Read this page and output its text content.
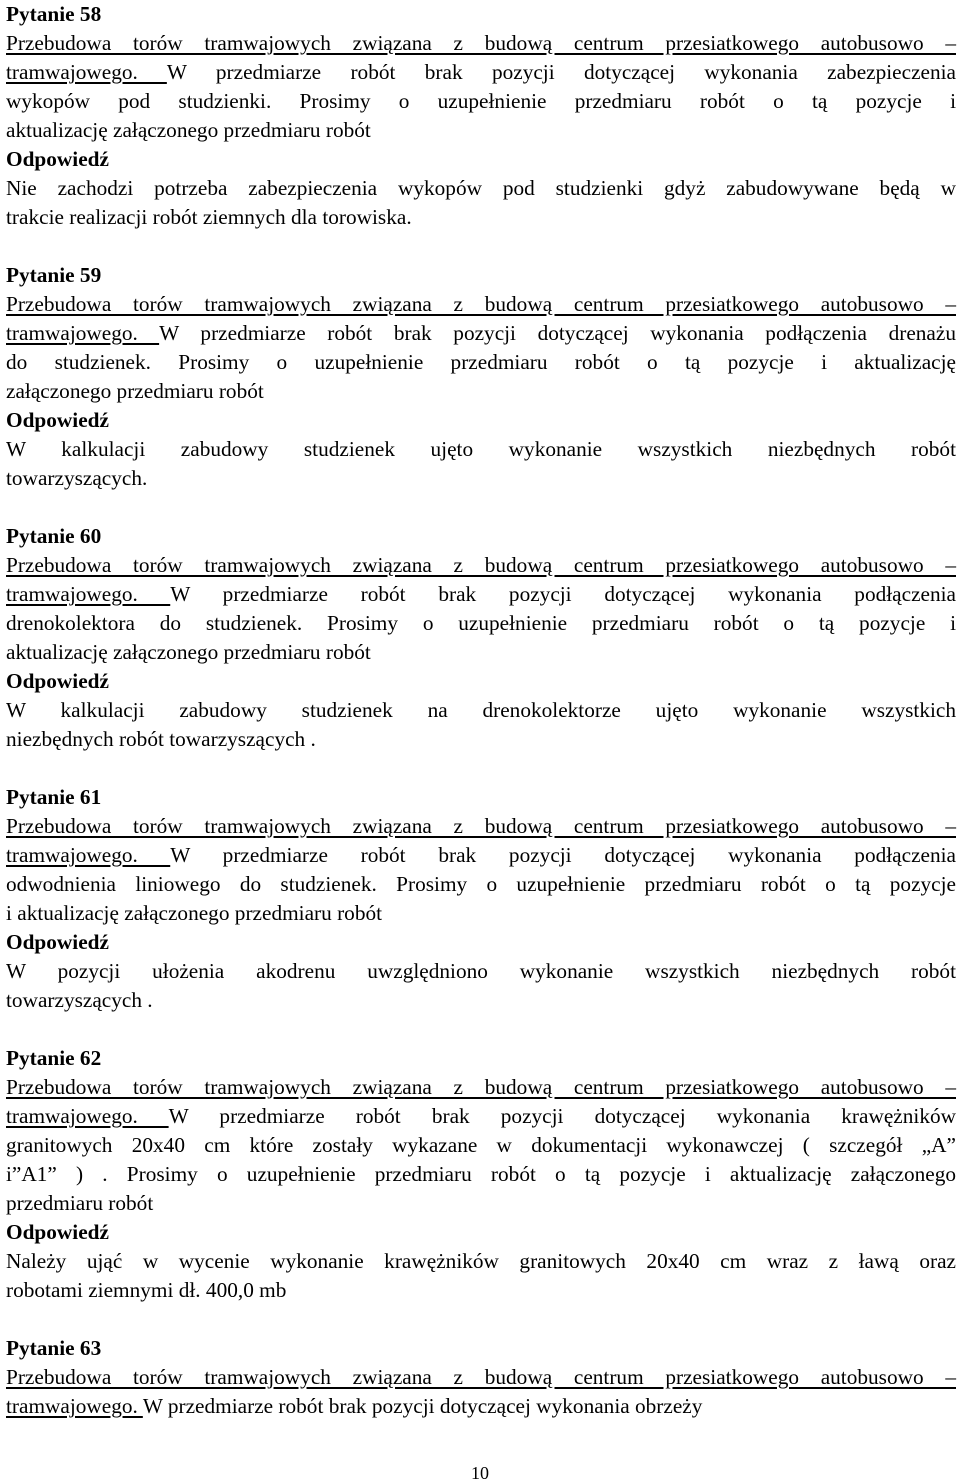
Pytanie 58
Przebudowa torów tramwajowych związana z budową centrum przesiatkowego autobusowo –
tramwajowego. W przedmiarze robót brak pozycji dotyczącej wykonania zabezpieczenia
wykopów pod studzienki. Prosimy o uzupełnienie przedmiaru robót o tą pozycje i
aktualizację załączonego przedmiaru robót
Odpowiedź
Nie zachodzi potrzeba zabezpieczenia wykopów pod studzienki gdyż zabudowywane będą w
trakcie realizacji robót ziemnych dla torowiska.
Pytanie 59
Przebudowa torów tramwajowych związana z budową centrum przesiatkowego autobusowo –
tramwajowego. W przedmiarze robót brak pozycji dotyczącej wykonania podłączenia drenażu
do studzienek. Prosimy o uzupełnienie przedmiaru robót o tą pozycje i aktualizację
załączonego przedmiaru robót
Odpowiedź
W kalkulacji zabudowy studzienek ujęto wykonanie wszystkich niezbędnych robót
towarzyszących.
Pytanie 60
Przebudowa torów tramwajowych związana z budową centrum przesiatkowego autobusowo –
tramwajowego. W przedmiarze robót brak pozycji dotyczącej wykonania podłączenia
drenokolektora do studzienek. Prosimy o uzupełnienie przedmiaru robót o tą pozycje i
aktualizację załączonego przedmiaru robót
Odpowiedź
W kalkulacji zabudowy studzienek na drenokolektorze ujęto wykonanie wszystkich
niezbędnych robót towarzyszących .
Pytanie 61
Przebudowa torów tramwajowych związana z budową centrum przesiatkowego autobusowo –
tramwajowego. W przedmiarze robót brak pozycji dotyczącej wykonania podłączenia
odwodnienia liniowego do studzienek. Prosimy o uzupełnienie przedmiaru robót o tą pozycje
i aktualizację załączonego przedmiaru robót
Odpowiedź
W pozycji ułożenia akodrenu uwzględniono wykonanie wszystkich niezbędnych robót
towarzyszących .
Pytanie 62
Przebudowa torów tramwajowych związana z budową centrum przesiatkowego autobusowo –
tramwajowego. W przedmiarze robót brak pozycji dotyczącej wykonania krawężników
granitowych 20x40 cm które zostały wykazane w dokumentacji wykonawczej ( szczegół „A”
i”A1” ) . Prosimy o uzupełnienie przedmiaru robót o tą pozycje i aktualizację załączonego
przedmiaru robót
Odpowiedź
Należy ująć w wycenie wykonanie krawężników granitowych 20x40 cm wraz z ławą oraz
robotami ziemnymi dł. 400,0 mb
Pytanie 63
Przebudowa torów tramwajowych związana z budową centrum przesiatkowego autobusowo –
tramwajowego. W przedmiarze robót brak pozycji dotyczącej wykonania obrzeży
10
